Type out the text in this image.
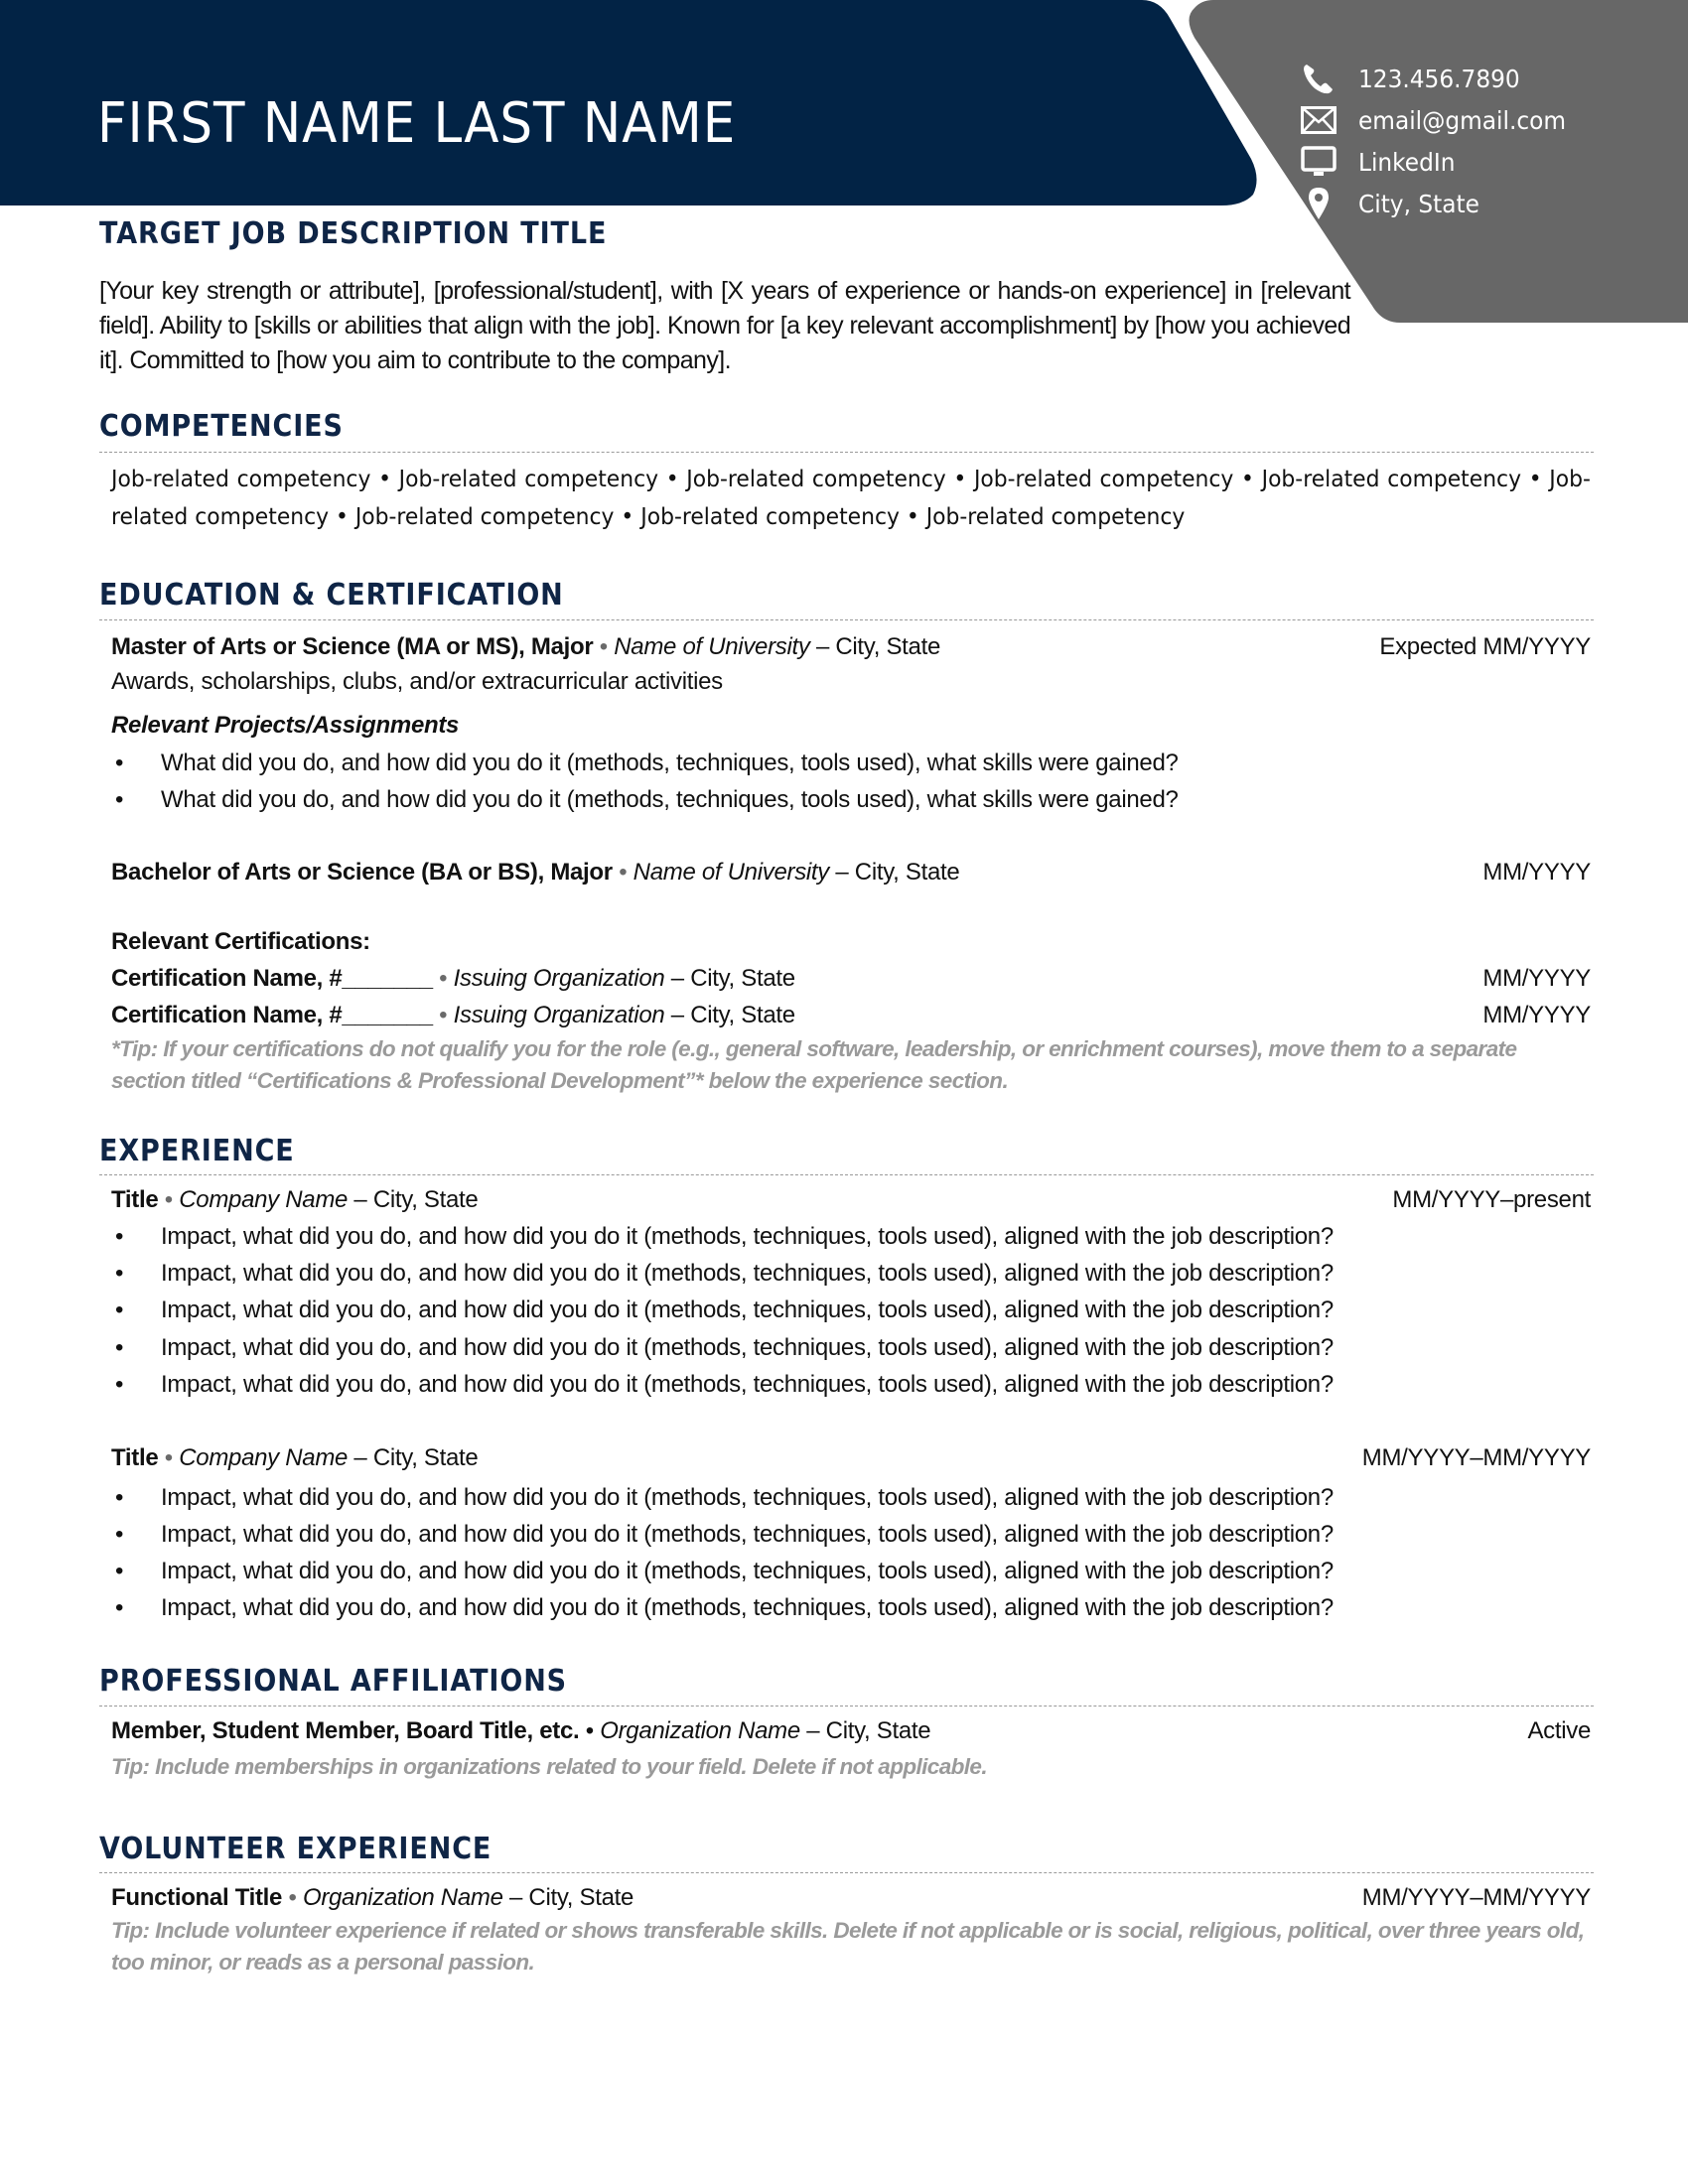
FIRST NAME LAST NAME
123.456.7890
email@gmail.com
LinkedIn
City, State
TARGET JOB DESCRIPTION TITLE

[Your key strength or attribute], [professional/student], with [X years of experience or hands-on experience] in [relevant field]. Ability to [skills or abilities that align with the job]. Known for [a key relevant accomplishment] by [how you achieved it]. Committed to [how you aim to contribute to the company].

COMPETENCIES

Job-related competency • Job-related competency • Job-related competency • Job-related competency • Job-related competency • Job-related competency • Job-related competency • Job-related competency • Job-related competency

EDUCATION & CERTIFICATION
Master of Arts or Science (MA or MS), Major • Name of University – City, State	Expected MM/YYYY
Awards, scholarships, clubs, and/or extracurricular activities
Relevant Projects/Assignments
•	What did you do, and how did you do it (methods, techniques, tools used), what skills were gained?
•	What did you do, and how did you do it (methods, techniques, tools used), what skills were gained?
Bachelor of Arts or Science (BA or BS), Major • Name of University – City, State	MM/YYYY
Relevant Certifications:
Certification Name, #_______ • Issuing Organization – City, State	MM/YYYY
Certification Name, #_______ • Issuing Organization – City, State	MM/YYYY

*Tip: If your certifications do not qualify you for the role (e.g., general software, leadership, or enrichment courses), move them to a separate section titled “Certifications & Professional Development”* below the experience section.

EXPERIENCE
Title • Company Name – City, State	MM/YYYY–present
•	Impact, what did you do, and how did you do it (methods, techniques, tools used), aligned with the job description?
•	Impact, what did you do, and how did you do it (methods, techniques, tools used), aligned with the job description?
•	Impact, what did you do, and how did you do it (methods, techniques, tools used), aligned with the job description?
•	Impact, what did you do, and how did you do it (methods, techniques, tools used), aligned with the job description?
•	Impact, what did you do, and how did you do it (methods, techniques, tools used), aligned with the job description?
Title • Company Name – City, State	MM/YYYY–MM/YYYY
•	Impact, what did you do, and how did you do it (methods, techniques, tools used), aligned with the job description?
•	Impact, what did you do, and how did you do it (methods, techniques, tools used), aligned with the job description?
•	Impact, what did you do, and how did you do it (methods, techniques, tools used), aligned with the job description?
•	Impact, what did you do, and how did you do it (methods, techniques, tools used), aligned with the job description?
PROFESSIONAL AFFILIATIONS
Member, Student Member, Board Title, etc. • Organization Name – City, State	Active

Tip: Include memberships in organizations related to your field. Delete if not applicable.

VOLUNTEER EXPERIENCE
Functional Title • Organization Name – City, State	MM/YYYY–MM/YYYY

Tip: Include volunteer experience if related or shows transferable skills. Delete if not applicable or is social, religious, political, over three years old, too minor, or reads as a personal passion.
